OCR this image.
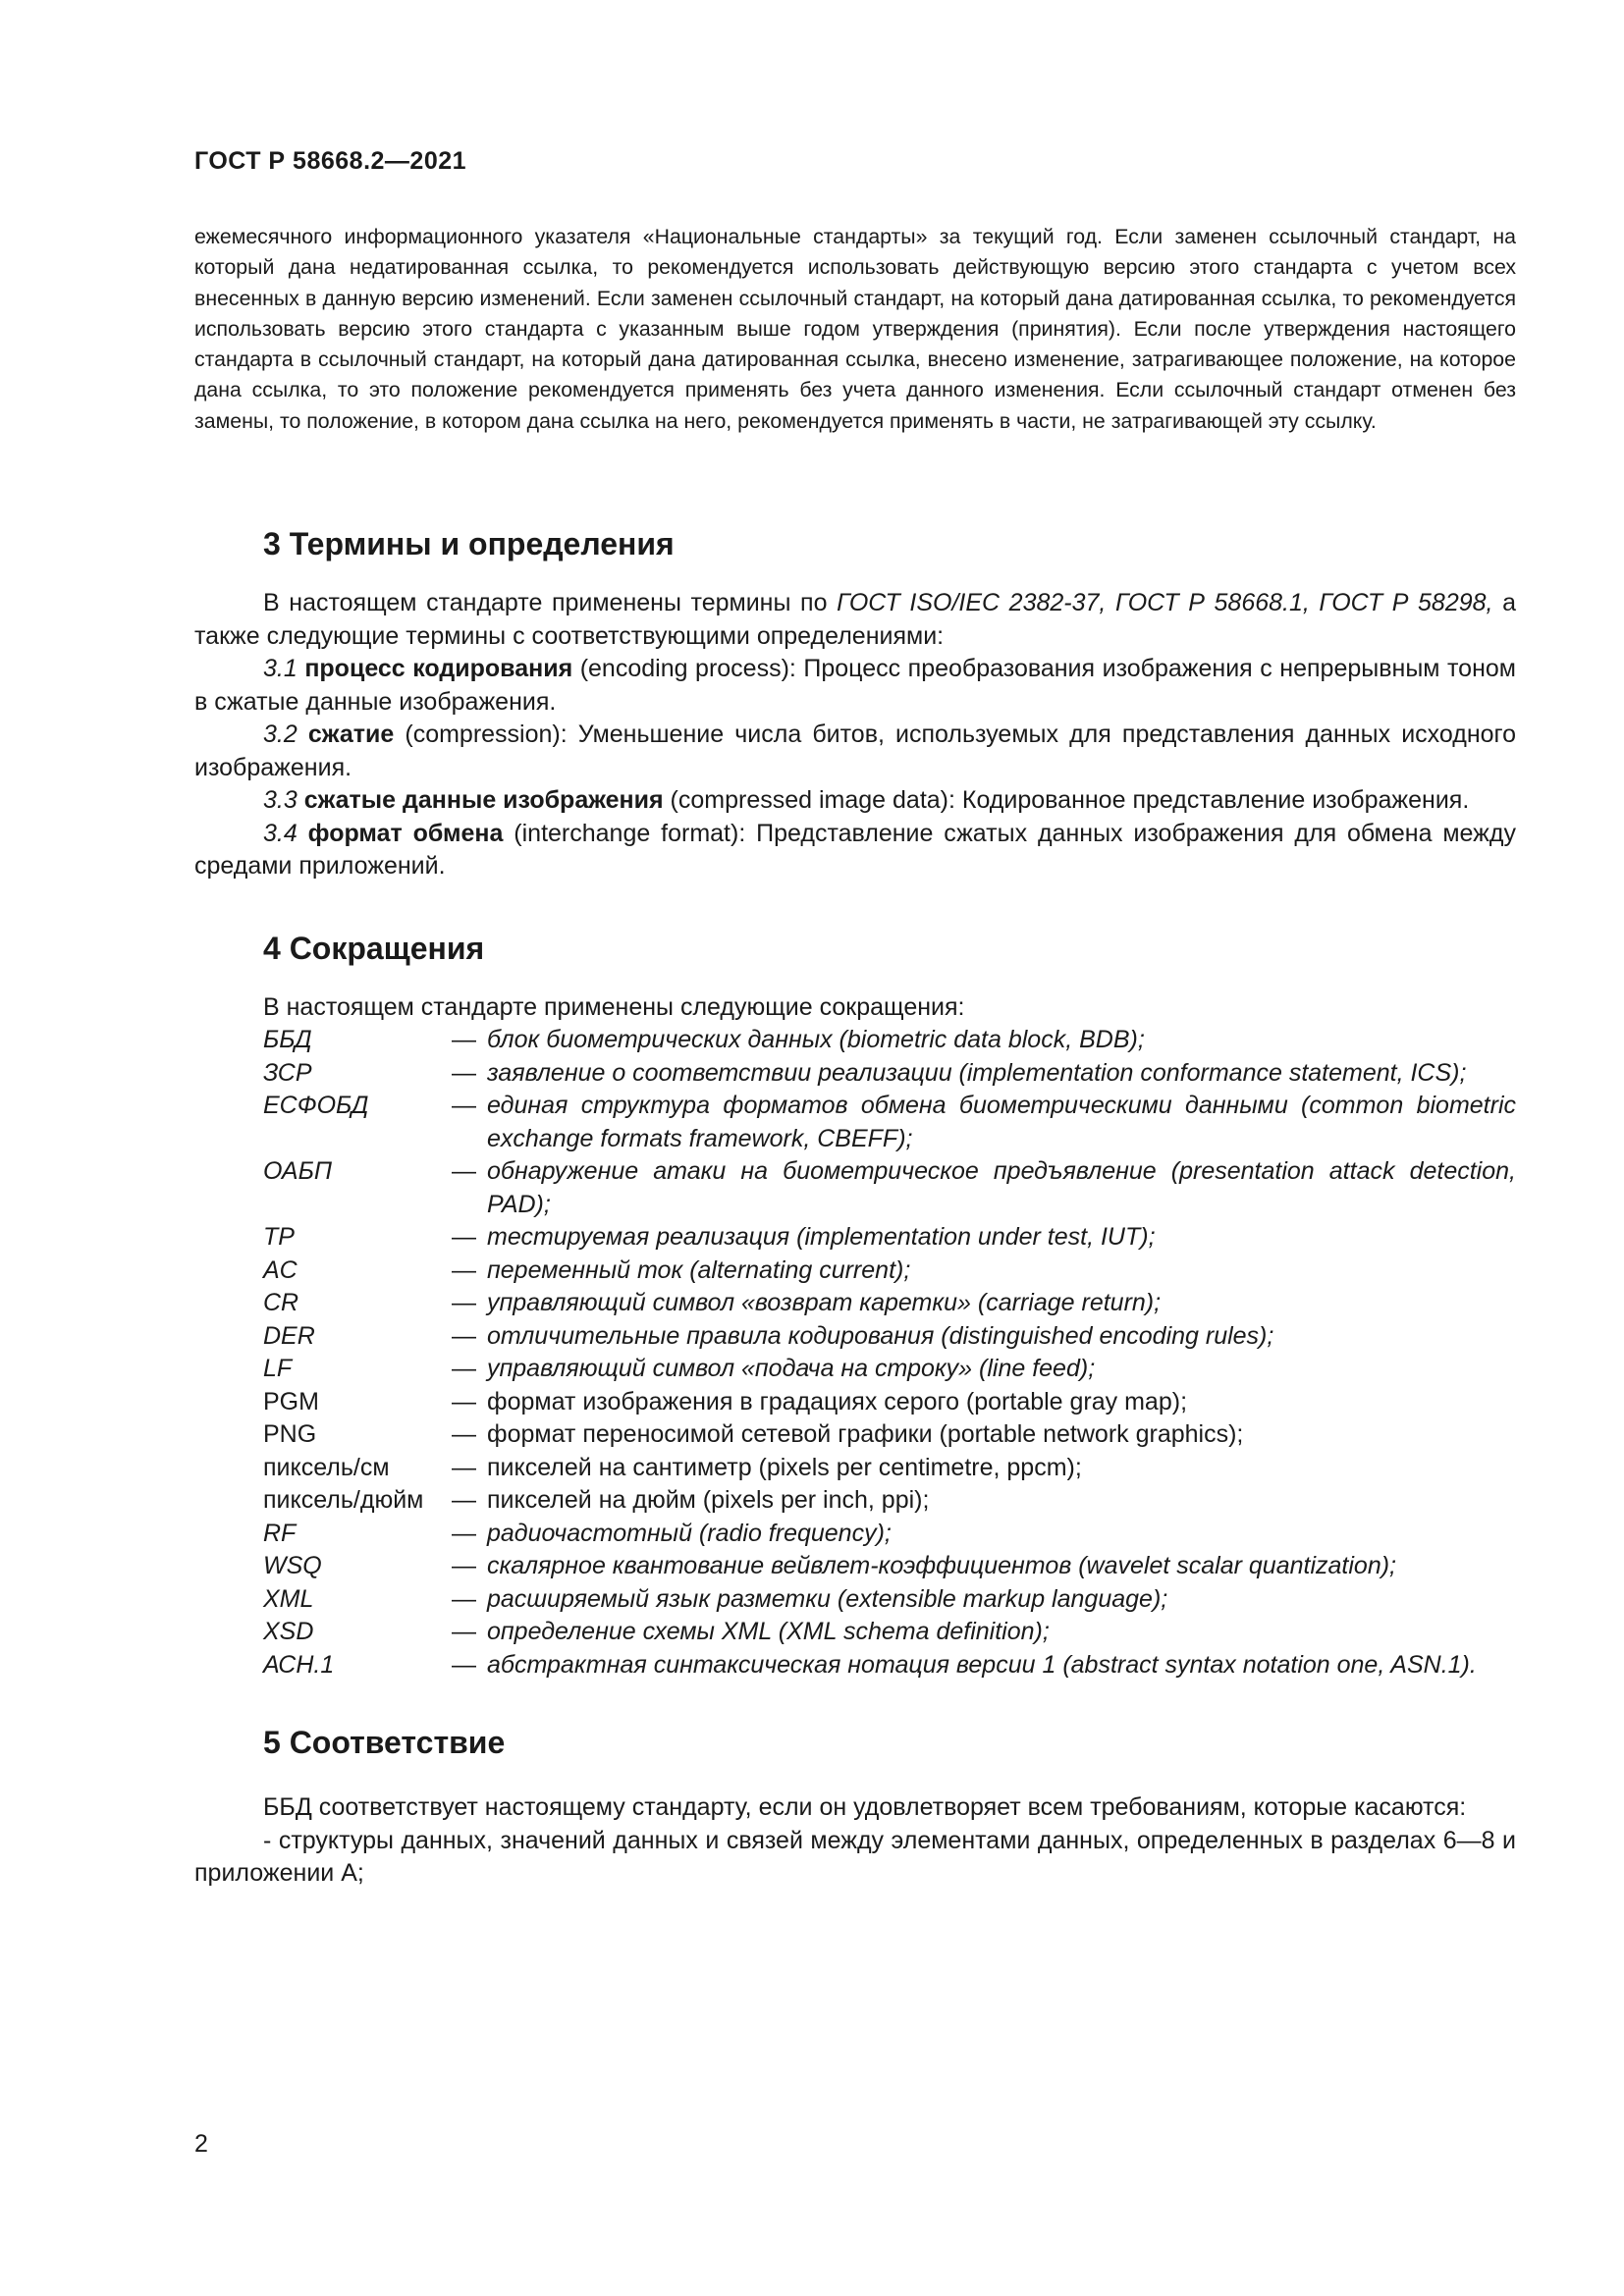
ГОСТ Р 58668.2—2021

ежемесячного информационного указателя «Национальные стандарты» за текущий год. Если заменен ссылочный стандарт, на который дана недатированная ссылка, то рекомендуется использовать действующую версию этого стандарта с учетом всех внесенных в данную версию изменений. Если заменен ссылочный стандарт, на который дана датированная ссылка, то рекомендуется использовать версию этого стандарта с указанным выше годом утверждения (принятия). Если после утверждения настоящего стандарта в ссылочный стандарт, на который дана датированная ссылка, внесено изменение, затрагивающее положение, на которое дана ссылка, то это положение рекомендуется применять без учета данного изменения. Если ссылочный стандарт отменен без замены, то положение, в котором дана ссылка на него, рекомендуется применять в части, не затрагивающей эту ссылку.

3 Термины и определения

В настоящем стандарте применены термины по ГОСТ ISO/IEC 2382-37, ГОСТ Р 58668.1, ГОСТ Р 58298, а также следующие термины с соответствующими определениями:

3.1 процесс кодирования (encoding process): Процесс преобразования изображения с непрерывным тоном в сжатые данные изображения.

3.2 сжатие (compression): Уменьшение числа битов, используемых для представления данных исходного изображения.

3.3 сжатые данные изображения (compressed image data): Кодированное представление изображения.

3.4 формат обмена (interchange format): Представление сжатых данных изображения для обмена между средами приложений.

4 Сокращения

В настоящем стандарте применены следующие сокращения:

ББД	— блок биометрических данных (biometric data block, BDB);
ЗСР	— заявление о соответствии реализации (implementation conformance statement, ICS);
ЕСФОБД	— единая структура форматов обмена биометрическими данными (common biometric exchange formats framework, CBEFF);
ОАБП	— обнаружение атаки на биометрическое предъявление (presentation attack detection, PAD);
ТР	— тестируемая реализация (implementation under test, IUT);
AC	— переменный ток (alternating current);
CR	— управляющий символ «возврат каретки» (carriage return);
DER	— отличительные правила кодирования (distinguished encoding rules);
LF	— управляющий символ «подача на строку» (line feed);
PGM	— формат изображения в градациях серого (portable gray map);
PNG	— формат переносимой сетевой графики (portable network graphics);
пиксель/см	— пикселей на сантиметр (pixels per centimetre, ppcm);
пиксель/дюйм	— пикселей на дюйм (pixels per inch, ppi);
RF	— радиочастотный (radio frequency);
WSQ	— скалярное квантование вейвлет-коэффициентов (wavelet scalar quantization);
XML	— расширяемый язык разметки (extensible markup language);
XSD	— определение схемы XML (XML schema definition);
АСН.1	— абстрактная синтаксическая нотация версии 1 (abstract syntax notation one, ASN.1).
5 Соответствие

ББД соответствует настоящему стандарту, если он удовлетворяет всем требованиям, которые касаются:

- структуры данных, значений данных и связей между элементами данных, определенных в разделах 6—8 и приложении А;

2
